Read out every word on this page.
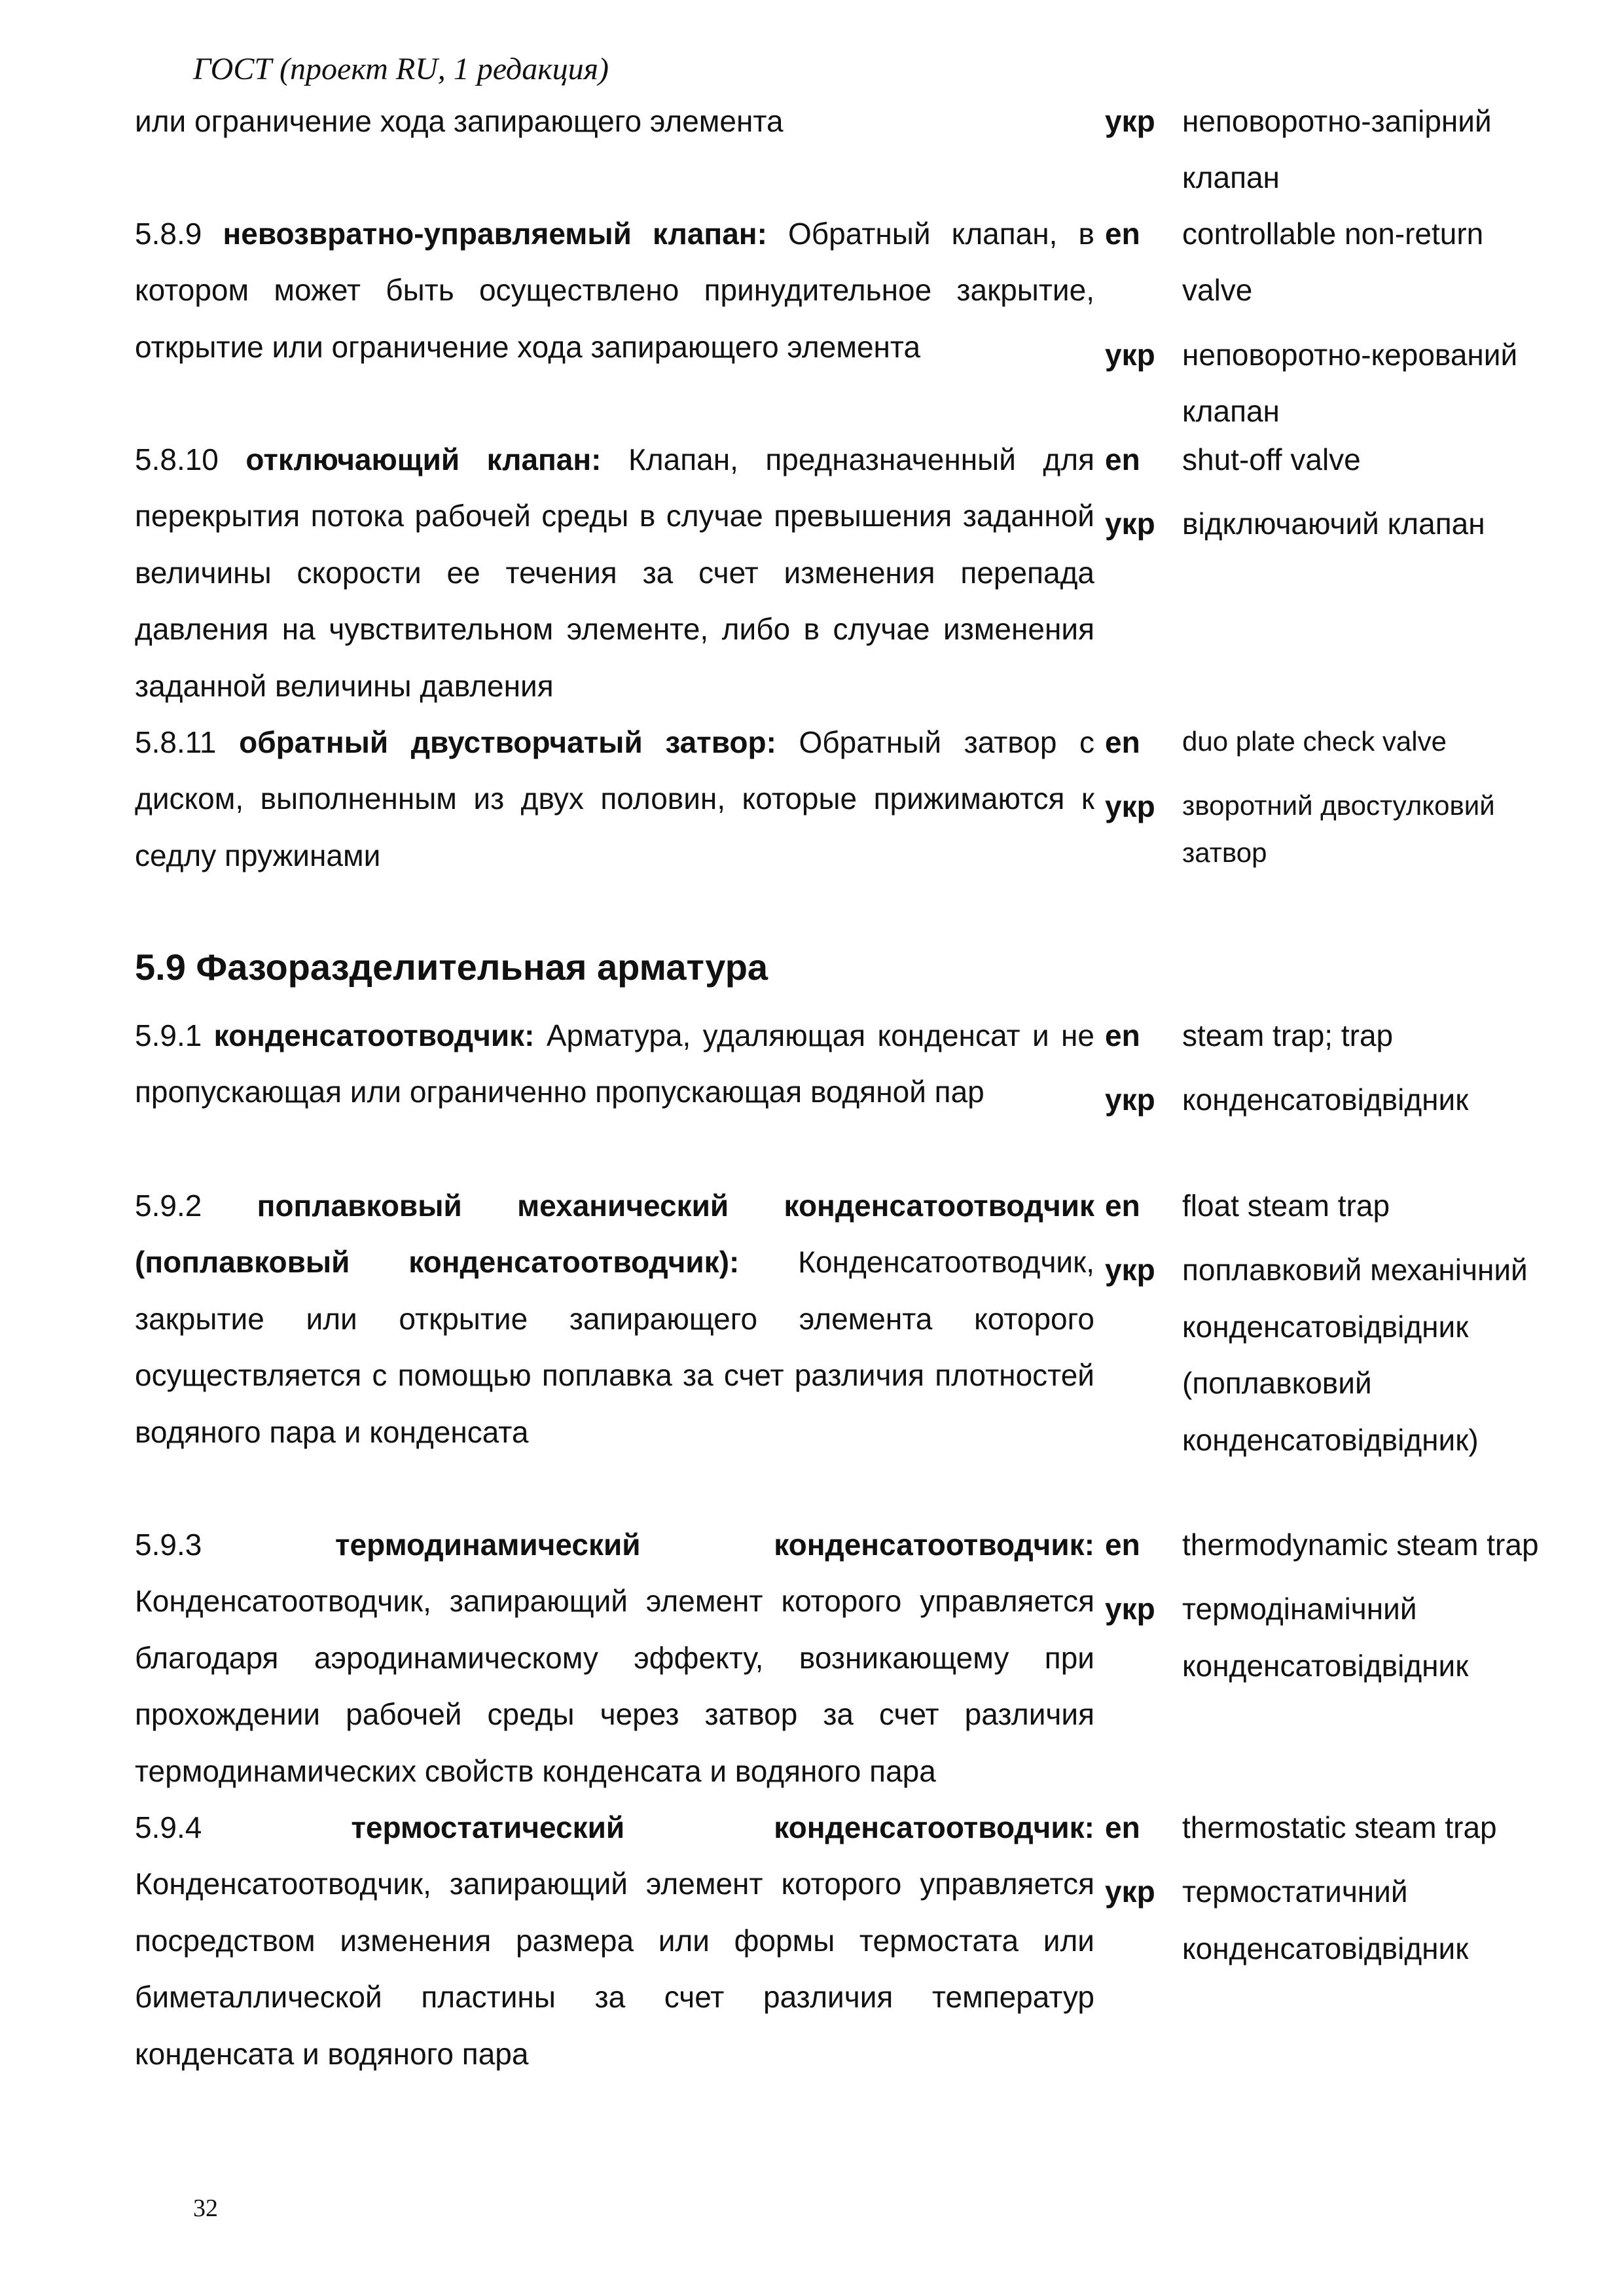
ГОСТ (проект RU, 1 редакция)
или ограничение хода запирающего элемента	укр неповоротно-запірний клапан
5.8.9 невозвратно-управляемый клапан: Обратный клапан, в котором может быть осуществлено принудительное закрытие, открытие или ограничение хода запирающего элемента
en	controllable non-return valve
укр неповоротно-керований клапан
5.8.10 отключающий клапан: Клапан, предназначенный для перекрытия потока рабочей среды в случае превышения заданной величины скорости ее течения за счет изменения перепада давления на чувствительном элементе, либо в случае изменения заданной величины давления
en	shut-off valve
укр відключаючий клапан
5.8.11 обратный двустворчатый затвор: Обратный затвор с диском, выполненным из двух половин, которые прижимаются к седлу пружинами
en	duo plate check valve
укр зворотний двостулковий затвор
5.9 Фазоразделительная арматура
5.9.1 конденсатоотводчик: Арматура, удаляющая конденсат и не пропускающая или ограниченно пропускающая водяной пар
en	steam trap; trap
укр конденсатовідвідник
5.9.2 поплавковый механический конденсатоотводчик (поплавковый конденсатоотводчик): Конденсатоотводчик, закрытие или открытие запирающего элемента которого осуществляется с помощью поплавка за счет различия плотностей водяного пара и конденсата
en	float steam trap
укр поплавковий механічний конденсатовідвідник (поплавковий конденсатовідвідник)
5.9.3	термодинамический конденсатоотводчик: Конденсатоотводчик, запирающий элемент которого управляется благодаря аэродинамическому эффекту, возникающему при прохождении рабочей среды через затвор за счет различия термодинамических свойств конденсата и водяного пара
en	thermodynamic steam trap
укр термодінамічний конденсатовідвідник
5.9.4	термостатический конденсатоотводчик: Конденсатоотводчик, запирающий элемент которого управляется посредством изменения размера или формы термостата или биметаллической пластины за счет различия температур конденсата и водяного пара
en	thermostatic steam trap
укр термостатичний конденсатовідвідник
32
